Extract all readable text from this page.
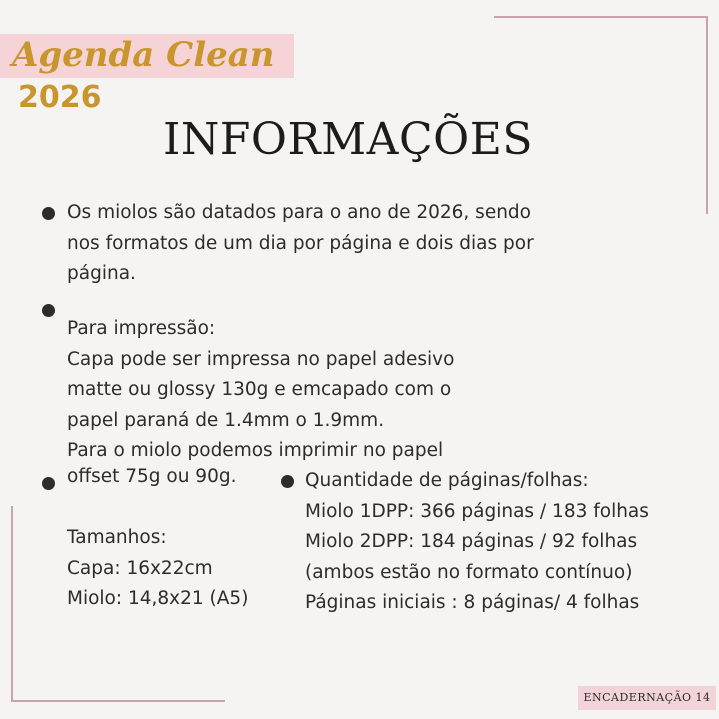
Agenda Clean
2026
INFORMAÇÕES
Os miolos são datados para o ano de 2026, sendo
nos formatos de um dia por página e dois dias por
página.
Para impressão:
Capa pode ser impressa no papel adesivo
matte ou glossy 130g e emcapado com o
papel paraná de 1.4mm o 1.9mm.
Para o miolo podemos imprimir no papel
offset 75g ou 90g.

Tamanhos:
Capa: 16x22cm
Miolo: 14,8x21 (A5)
Quantidade de páginas/folhas:
Miolo 1DPP: 366 páginas / 183 folhas
Miolo 2DPP: 184 páginas / 92 folhas
(ambos estão no formato contínuo)
Páginas iniciais : 8 páginas/ 4 folhas
ENCADERNAÇÃO 14
